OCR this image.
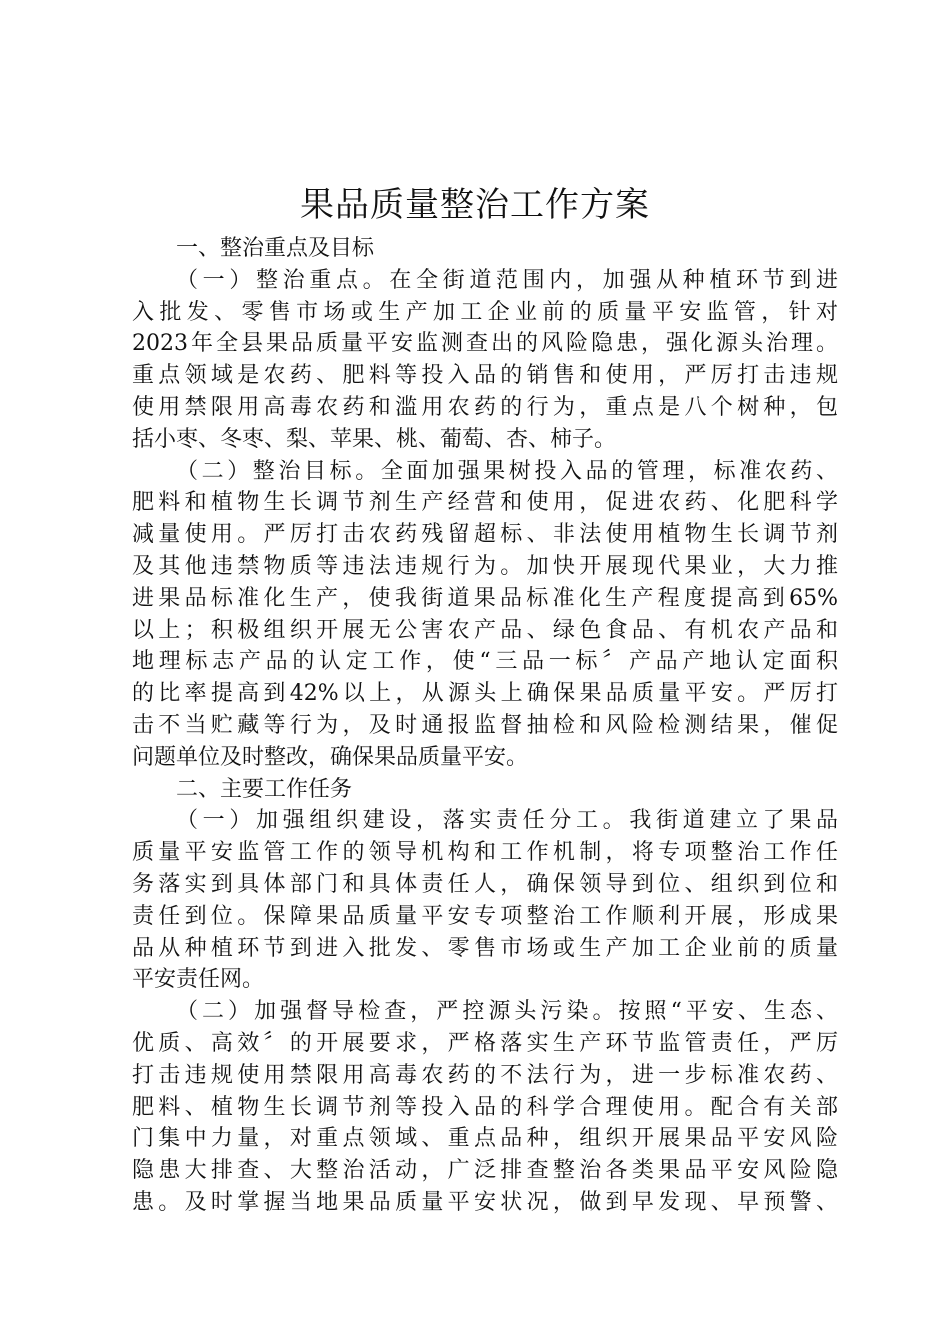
果品质量整治工作方案
一、整治重点及目标
（一）整治重点。在全街道范围内，加强从种植环节到进
入批发、零售市场或生产加工企业前的质量平安监管，针对
2023年全县果品质量平安监测查出的风险隐患，强化源头治理。
重点领域是农药、肥料等投入品的销售和使用，严厉打击违规
使用禁限用高毒农药和滥用农药的行为，重点是八个树种，包
括小枣、冬枣、梨、苹果、桃、葡萄、杏、柿子。
（二）整治目标。全面加强果树投入品的管理，标准农药、
肥料和植物生长调节剂生产经营和使用，促进农药、化肥科学
减量使用。严厉打击农药残留超标、非法使用植物生长调节剂
及其他违禁物质等违法违规行为。加快开展现代果业，大力推
进果品标准化生产，使我街道果品标准化生产程度提高到65%
以上；积极组织开展无公害农产品、绿色食品、有机农产品和
地理标志产品的认定工作，使“三品一标〞产品产地认定面积
的比率提高到42%以上，从源头上确保果品质量平安。严厉打
击不当贮藏等行为，及时通报监督抽检和风险检测结果，催促
问题单位及时整改，确保果品质量平安。
二、主要工作任务
（一）加强组织建设，落实责任分工。我街道建立了果品
质量平安监管工作的领导机构和工作机制，将专项整治工作任
务落实到具体部门和具体责任人，确保领导到位、组织到位和
责任到位。保障果品质量平安专项整治工作顺利开展，形成果
品从种植环节到进入批发、零售市场或生产加工企业前的质量
平安责任网。
（二）加强督导检查，严控源头污染。按照“平安、生态、
优质、高效〞的开展要求，严格落实生产环节监管责任，严厉
打击违规使用禁限用高毒农药的不法行为，进一步标准农药、
肥料、植物生长调节剂等投入品的科学合理使用。配合有关部
门集中力量，对重点领域、重点品种，组织开展果品平安风险
隐患大排查、大整治活动，广泛排查整治各类果品平安风险隐
患。及时掌握当地果品质量平安状况，做到早发现、早预警、
